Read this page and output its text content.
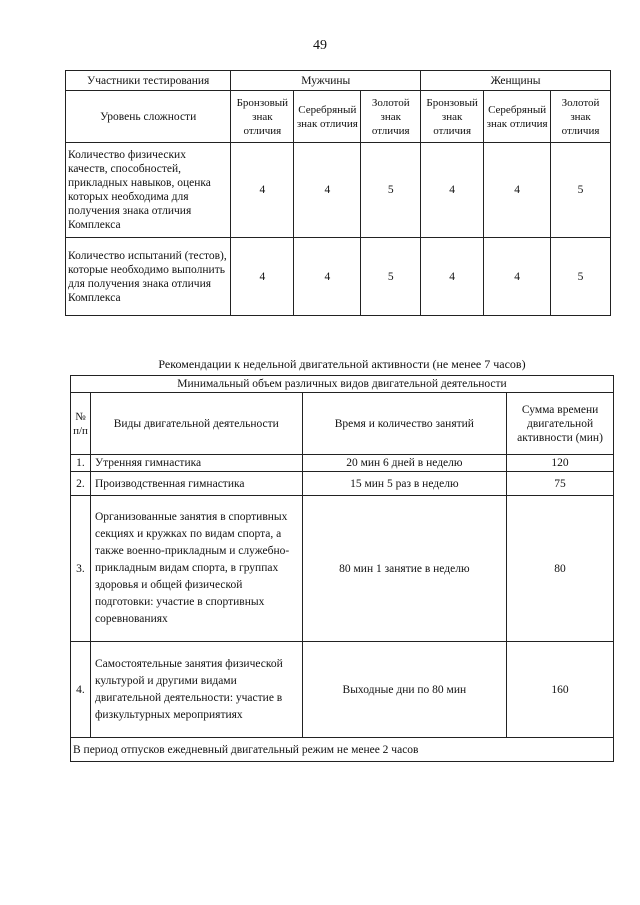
49
Участники тестирования	Мужчины			Женщины		
Уровень сложности	Бронзовый знак отличия	Серебряный знак отличия	Золотой знак отличия	Бронзовый знак отличия	Серебряный знак отличия	Золотой знак отличия
Количество физических качеств, способностей, прикладных навыков, оценка которых необходима для получения знака отличия Комплекса	4	4	5	4	4	5
Количество испытаний (тестов), которые необходимо выполнить для получения знака отличия Комплекса	4	4	5	4	4	5
Рекомендации к недельной двигательной активности (не менее 7 часов)
Минимальный объем различных видов двигательной деятельности			
№ п/п	Виды двигательной деятельности	Время и количество занятий	Сумма времени двигательной активности (мин)
1.	Утренняя гимнастика	20 мин 6 дней в неделю	120
2.	Производственная гимнастика	15 мин 5 раз в неделю	75
3.	Организованные занятия в спортивных секциях и кружках по видам спорта, а также военно-прикладным и служебно-прикладным видам спорта, в группах здоровья и общей физической подготовки: участие в спортивных соревнованиях	80 мин 1 занятие в неделю	80
4.	Самостоятельные занятия физической культурой и другими видами двигательной деятельности: участие в физкультурных мероприятиях	Выходные дни по 80 мин	160
В период отпусков ежедневный двигательный режим не менее 2 часов			
